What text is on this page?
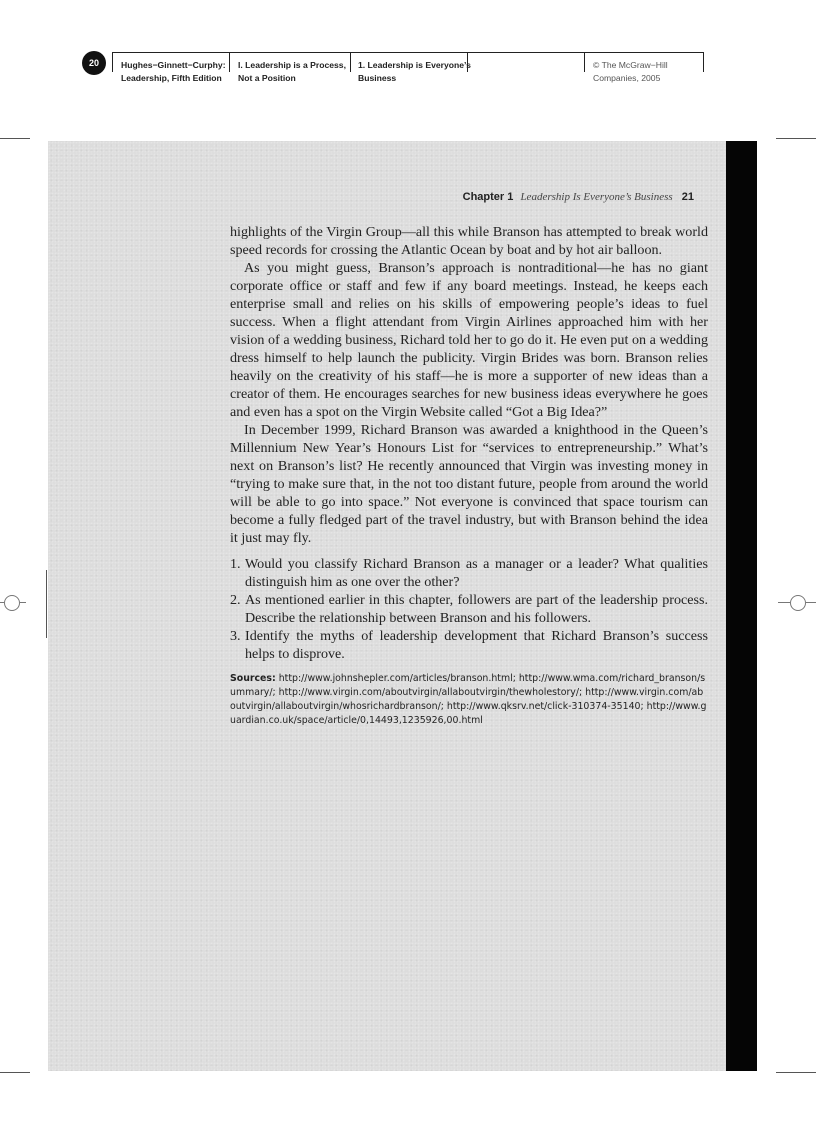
20	Hughes−Ginnett−Curphy:
Leadership, Fifth Edition
I. Leadership is a Process,
Not a Position
1. Leadership is Everyone’s
Business
© The McGraw−Hill
Companies, 2005
Chapter 1 Leadership Is Everyone’s Business 21

highlights of the Virgin Group—all this while Branson has attempted to break world speed records for crossing the Atlantic Ocean by boat and by hot air balloon.

As you might guess, Branson’s approach is nontraditional—he has no giant corporate office or staff and few if any board meetings. Instead, he keeps each enterprise small and relies on his skills of empowering people’s ideas to fuel success. When a flight attendant from Virgin Airlines approached him with her vision of a wedding business, Richard told her to go do it. He even put on a wedding dress himself to help launch the publicity. Virgin Brides was born. Branson relies heavily on the creativity of his staff—he is more a supporter of new ideas than a creator of them. He encourages searches for new business ideas everywhere he goes and even has a spot on the Virgin Website called “Got a Big Idea?”

In December 1999, Richard Branson was awarded a knighthood in the Queen’s Millennium New Year’s Honours List for “services to entrepreneurship.” What’s next on Branson’s list? He recently announced that Virgin was investing money in “trying to make sure that, in the not too distant future, people from around the world will be able to go into space.” Not everyone is convinced that space tourism can become a fully fledged part of the travel industry, but with Branson behind the idea it just may fly.

1. Would you classify Richard Branson as a manager or a leader? What qualities distinguish him as one over the other?
2. As mentioned earlier in this chapter, followers are part of the leadership process. Describe the relationship between Branson and his followers.
3. Identify the myths of leadership development that Richard Branson’s success helps to disprove.
Sources: http://www.johnshepler.com/articles/branson.html; http://www.wma.com/richard_branson/summary/; http://www.virgin.com/aboutvirgin/allaboutvirgin/thewholestory/; http://www.virgin.com/aboutvirgin/allaboutvirgin/whosrichardbranson/; http://www.qksrv.net/click-310374-35140; http://www.guardian.co.uk/space/article/0,14493,1235926,00.html
